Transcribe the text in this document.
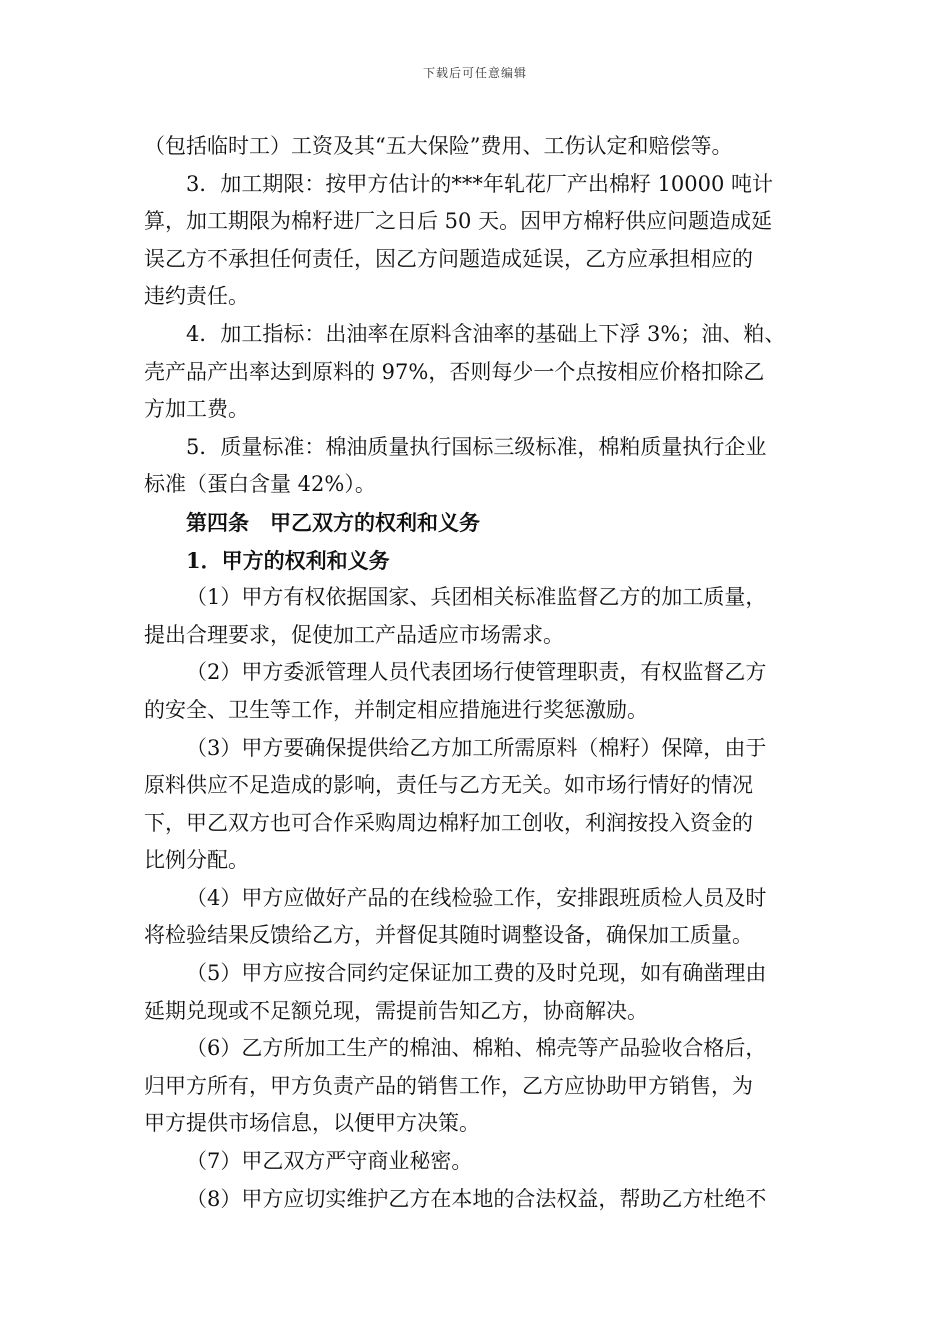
下载后可任意编辑
（包括临时工）工资及其“五大保险”费用、工伤认定和赔偿等。
3．加工期限：按甲方估计的***年轧花厂产出棉籽 10000 吨计
算，加工期限为棉籽进厂之日后 50 天。因甲方棉籽供应问题造成延
误乙方不承担任何责任，因乙方问题造成延误，乙方应承担相应的
违约责任。
4．加工指标：出油率在原料含油率的基础上下浮 3%；油、粕、
壳产品产出率达到原料的 97%，否则每少一个点按相应价格扣除乙
方加工费。
5．质量标准：棉油质量执行国标三级标准，棉粕质量执行企业
标准（蛋白含量 42%）。
第四条　甲乙双方的权利和义务
1．甲方的权利和义务
（1）甲方有权依据国家、兵团相关标准监督乙方的加工质量，
提出合理要求，促使加工产品适应市场需求。
（2）甲方委派管理人员代表团场行使管理职责，有权监督乙方
的安全、卫生等工作，并制定相应措施进行奖惩激励。
（3）甲方要确保提供给乙方加工所需原料（棉籽）保障，由于
原料供应不足造成的影响，责任与乙方无关。如市场行情好的情况
下，甲乙双方也可合作采购周边棉籽加工创收，利润按投入资金的
比例分配。
（4）甲方应做好产品的在线检验工作，安排跟班质检人员及时
将检验结果反馈给乙方，并督促其随时调整设备，确保加工质量。
（5）甲方应按合同约定保证加工费的及时兑现，如有确凿理由
延期兑现或不足额兑现，需提前告知乙方，协商解决。
（6）乙方所加工生产的棉油、棉粕、棉壳等产品验收合格后，
归甲方所有，甲方负责产品的销售工作，乙方应协助甲方销售，为
甲方提供市场信息，以便甲方决策。
（7）甲乙双方严守商业秘密。
（8）甲方应切实维护乙方在本地的合法权益，帮助乙方杜绝不
